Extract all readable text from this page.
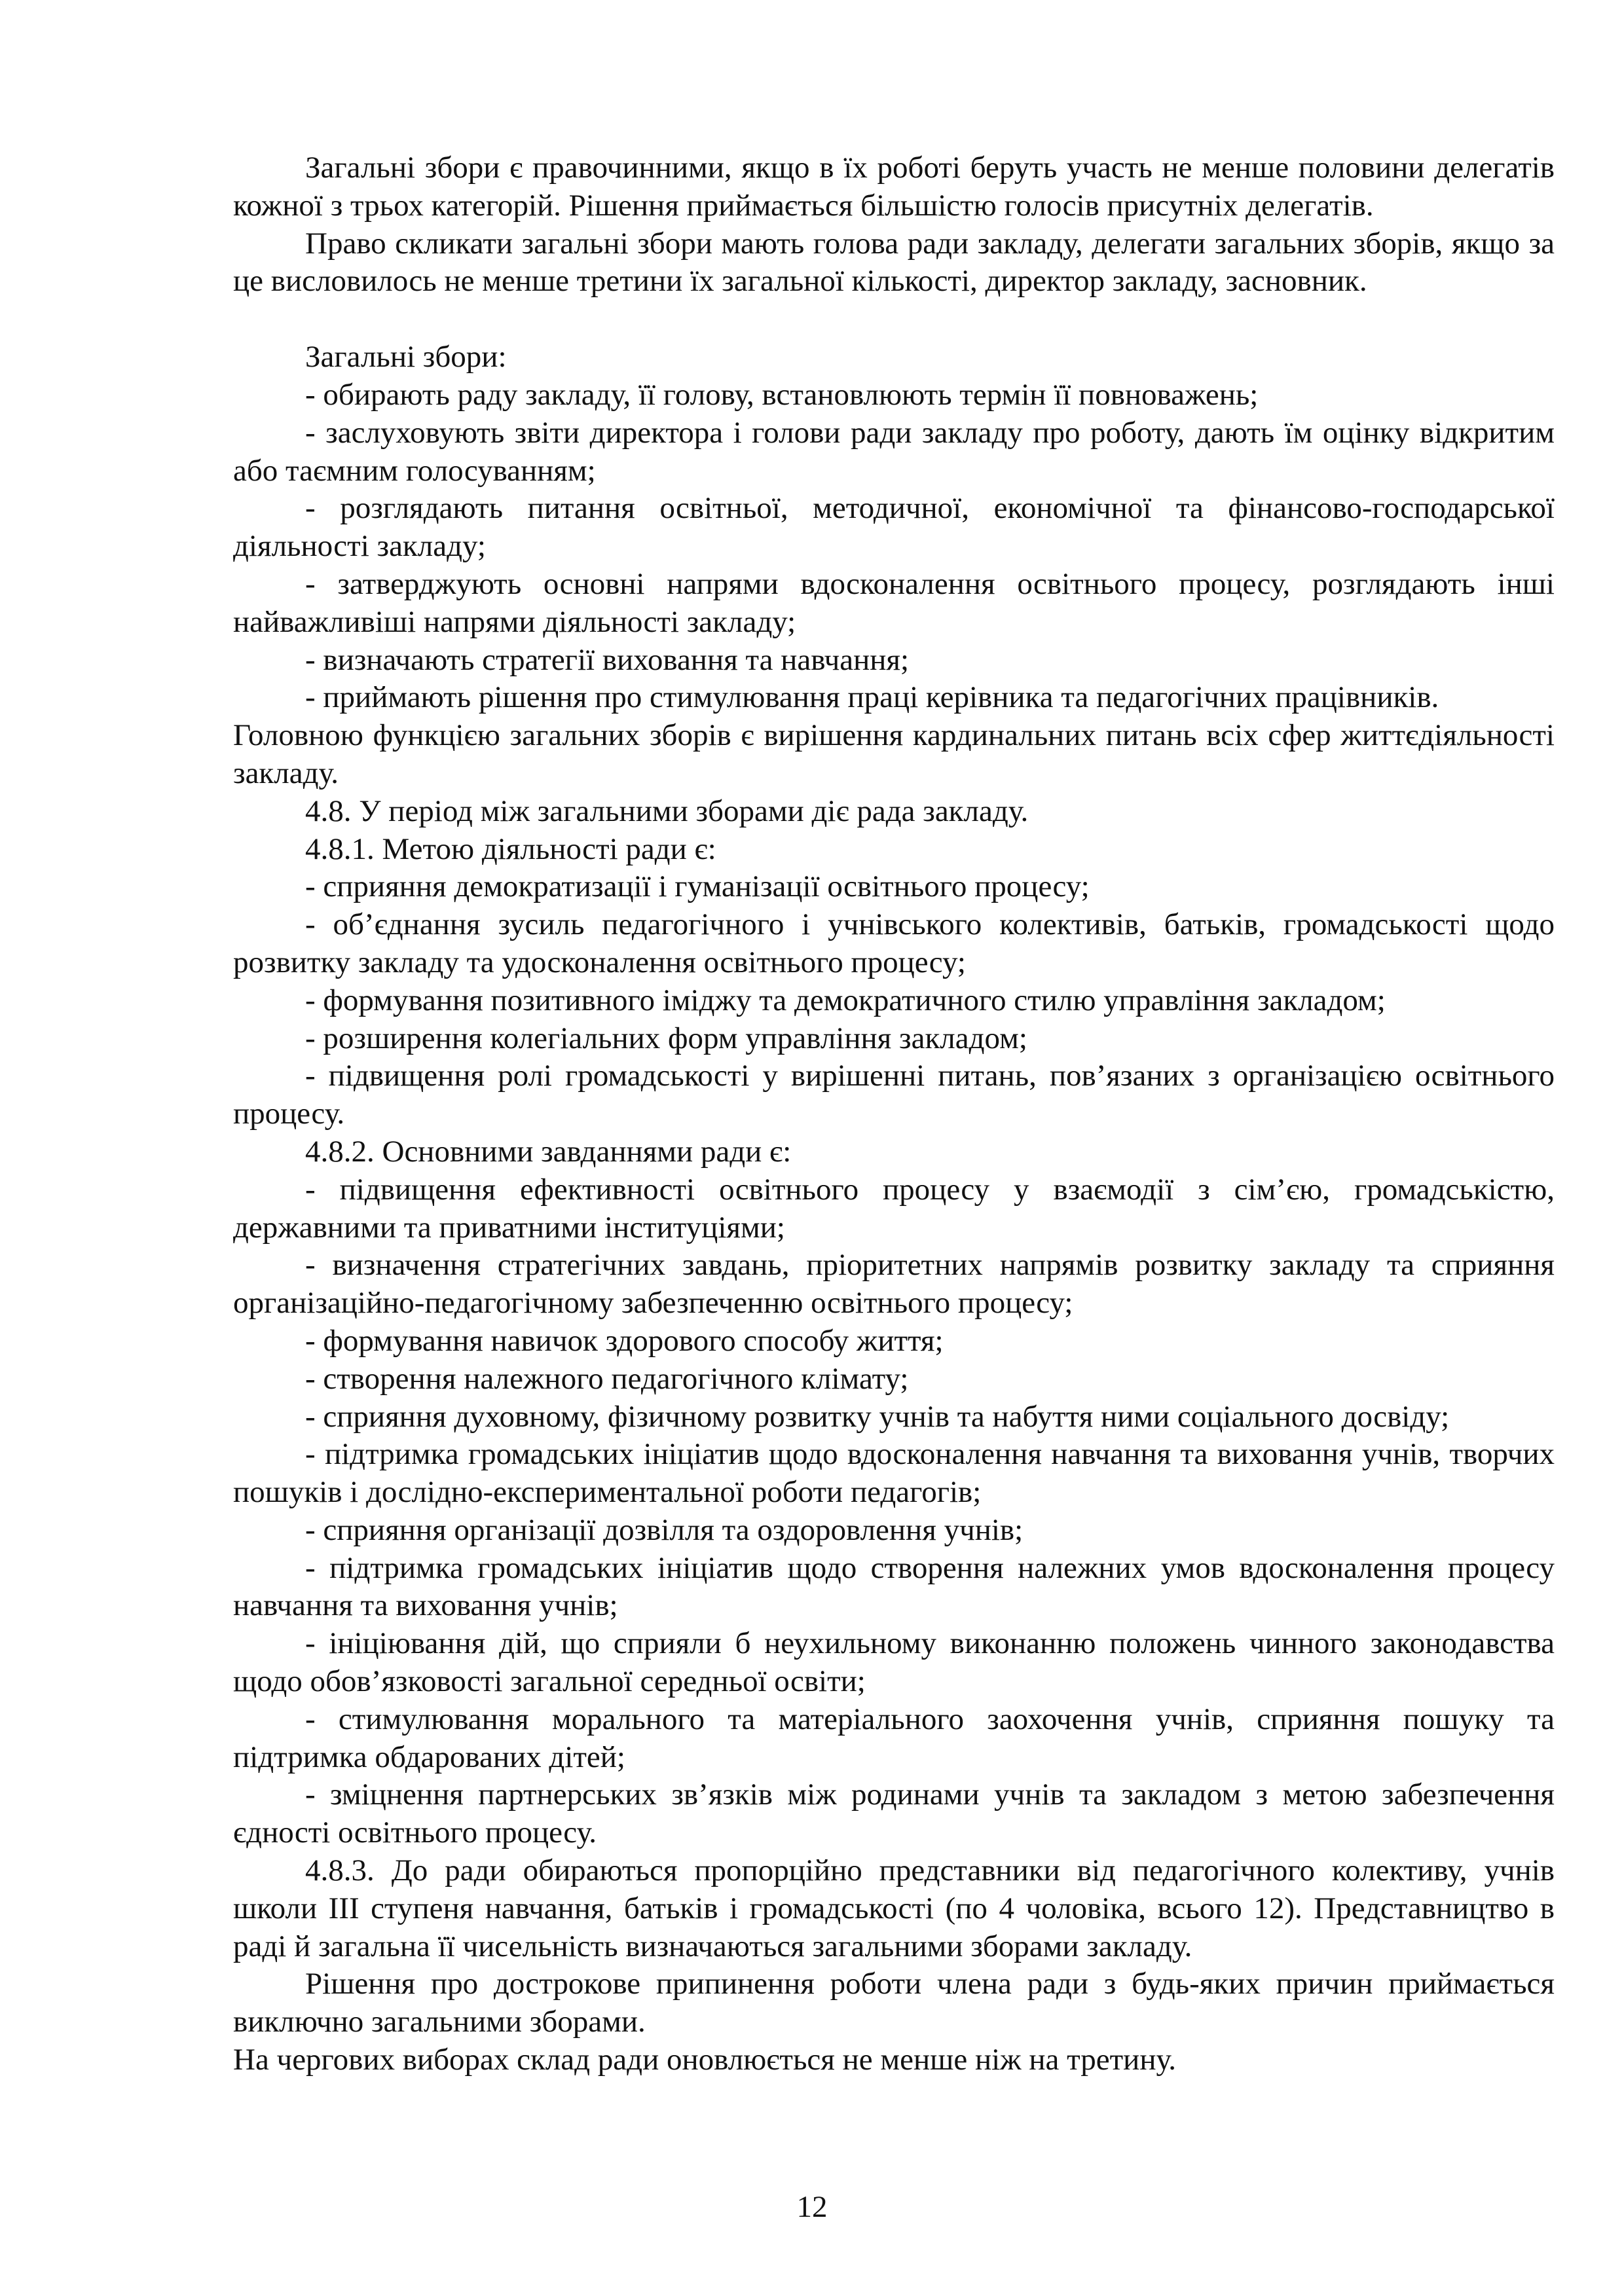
Загальні збори є правочинними, якщо в їх роботі беруть участь не менше половини делегатів кожної з трьох категорій. Рішення приймається більшістю голосів присутніх делегатів.

Право скликати загальні збори мають голова ради закладу, делегати загальних зборів, якщо за це висловилось не менше третини їх загальної кількості, директор закладу, засновник.

Загальні збори:

- обирають раду закладу, її голову, встановлюють термін її повноважень;

- заслуховують звіти директора і голови ради закладу про роботу, дають їм оцінку відкритим або таємним голосуванням;

- розглядають питання освітньої, методичної, економічної та фінансово-господарської діяльності закладу;

- затверджують основні напрями вдосконалення освітнього процесу, розглядають інші найважливіші напрями діяльності закладу;

- визначають стратегії виховання та навчання;

- приймають рішення про стимулювання праці керівника та педагогічних працівників.

Головною функцією загальних зборів є вирішення кардинальних питань всіх сфер життєдіяльності закладу.

4.8. У період між загальними зборами діє рада закладу.

4.8.1. Метою діяльності ради є:

- сприяння демократизації і гуманізації освітнього процесу;

- об’єднання зусиль педагогічного і учнівського колективів, батьків, громадськості щодо розвитку закладу та удосконалення освітнього процесу;

- формування позитивного іміджу та демократичного стилю управління закладом;

- розширення колегіальних форм управління закладом;

- підвищення ролі громадськості у вирішенні питань, пов’язаних з організацією освітнього процесу.

4.8.2. Основними завданнями ради є:

- підвищення ефективності освітнього процесу у взаємодії з сім’єю, громадськістю, державними та приватними інституціями;

- визначення стратегічних завдань, пріоритетних напрямів розвитку закладу та сприяння організаційно-педагогічному забезпеченню освітнього процесу;

- формування навичок здорового способу життя;

- створення належного педагогічного клімату;

- сприяння духовному, фізичному розвитку учнів та набуття ними соціального досвіду;

- підтримка громадських ініціатив щодо вдосконалення навчання та виховання учнів, творчих пошуків і дослідно-експериментальної роботи педагогів;

- сприяння організації дозвілля та оздоровлення учнів;

- підтримка громадських ініціатив щодо створення належних умов вдосконалення процесу навчання та виховання учнів;

- ініціювання дій, що сприяли б неухильному виконанню положень чинного законодавства щодо обов’язковості загальної середньої освіти;

- стимулювання морального та матеріального заохочення учнів, сприяння пошуку та підтримка обдарованих дітей;

- зміцнення партнерських зв’язків між родинами учнів та закладом з метою забезпечення єдності освітнього процесу.

4.8.3. До ради обираються пропорційно представники від педагогічного колективу, учнів школи III ступеня навчання, батьків і громадськості (по 4 чоловіка, всього 12). Представництво в раді й загальна її чисельність визначаються загальними зборами закладу.

Рішення про дострокове припинення роботи члена ради з будь-яких причин приймається виключно загальними зборами.

На чергових виборах склад ради оновлюється не менше ніж на третину.

12
